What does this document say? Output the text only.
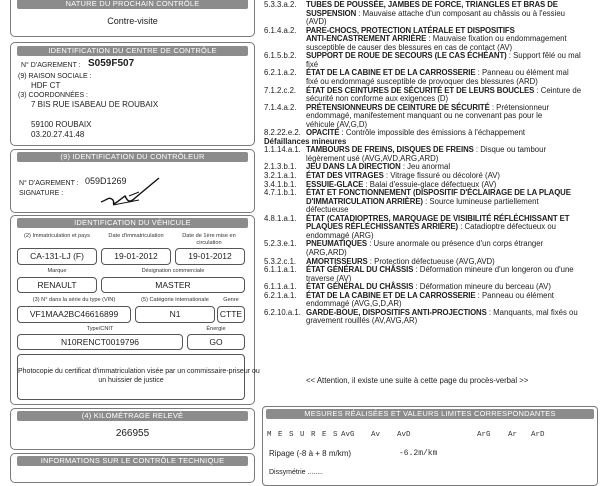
NATURE DU PROCHAIN CONTRÔLE
Contre-visite
IDENTIFICATION DU CENTRE DE CONTRÔLE
N° D'AGREMENT : S059F507
(9) RAISON SOCIALE :
HDF CT
(3) COORDONNÉES :
7 BIS RUE ISABEAU DE ROUBAIX
59100 ROUBAIX
03.20.27.41.48
(9) IDENTIFICATION DU CONTRÔLEUR
N° D'AGREMENT : 059D1269
SIGNATURE :
IDENTIFICATION DU VÉHICULE
(2) Immatriculation et pays	Date d'immatriculation	Date de 1ère mise en circulation
CA-131-LJ (F)	19-01-2012	19-01-2012
Marque	Désignation commerciale
RENAULT	MASTER
(3) N° dans la série du type (VIN)	(5) Catégorie internationale	Genre
VF1MAA2BC46616899	N1	CTTE
Type/CNIT	Énergie
N10RENCT0019796	GO
Photocopie du certificat d'immatriculation visée par un commissaire-priseur ou
un huissier de justice
(4) KILOMÉTRAGE RELEVÉ
266955
INFORMATIONS SUR LE CONTRÔLE TECHNIQUE DÉFAVORABLE
5.3.3.a.2. TUBES DE POUSSÉE, JAMBES DE FORCE, TRIANGLES ET BRAS DE
SUSPENSION : Mauvaise attache d'un composant au châssis ou à l'essieu
(AVD)
6.1.4.a.2. PARE-CHOCS, PROTECTION LATÉRALE ET DISPOSITIFS
ANTI-ENCASTREMENT ARRIÈRE : Mauvaise fixation ou endommagement
susceptible de causer des blessures en cas de contact (AV)
6.1.5.b.2. SUPPORT DE ROUE DE SECOURS (LE CAS ÉCHÉANT) : Support fêlé ou mal
fixé
6.2.1.a.2. ÉTAT DE LA CABINE ET DE LA CARROSSERIE : Panneau ou élément mal
fixé ou endommagé susceptible de provoquer des blessures (ARD)
7.1.2.c.2. ÉTAT DES CEINTURES DE SÉCURITÉ ET DE LEURS BOUCLES : Ceinture de
sécurité non conforme aux exigences (D)
7.1.4.a.2. PRÉTENSIONNEURS DE CEINTURE DE SÉCURITÉ : Prétensionneur
endommagé, manifestement manquant ou ne convenant pas pour le
véhicule (AV,G,D)
8.2.22.e.2. OPACITÉ : Contrôle impossible des émissions à l'échappement
Défaillances mineures
1.1.14.a.1. TAMBOURS DE FREINS, DISQUES DE FREINS : Disque ou tambour
légèrement usé (AVG,AVD,ARG,ARD)
2.1.3.b.1. JEU DANS LA DIRECTION : Jeu anormal
3.2.1.a.1. ÉTAT DES VITRAGES : Vitrage fissuré ou décoloré (AV)
3.4.1.b.1. ESSUIE-GLACE : Balai d'essuie-glace défectueux (AV)
4.7.1.b.1. ÉTAT ET FONCTIONNEMENT (DISPOSITIF D'ÉCLAIRAGE DE LA PLAQUE
D'IMMATRICULATION ARRIÈRE) : Source lumineuse partiellement
défectueuse
4.8.1.a.1. ÉTAT (CATADIOPTRES, MARQUAGE DE VISIBILITÉ RÉFLÉCHISSANT ET
PLAQUES RÉFLÉCHISSANTES ARRIÈRE) : Catadioptre défectueux ou
endommagé (ARG)
5.2.3.e.1. PNEUMATIQUES : Usure anormale ou présence d'un corps étranger
(ARG,ARD)
5.3.2.c.1. AMORTISSEURS : Protection défectueuse (AVG,AVD)
6.1.1.a.1. ÉTAT GÉNÉRAL DU CHÂSSIS : Déformation mineure d'un longeron ou d'une
traverse (AV)
6.1.1.a.1. ÉTAT GÉNÉRAL DU CHÂSSIS : Déformation mineure du berceau (AV)
6.2.1.a.1. ÉTAT DE LA CABINE ET DE LA CARROSSERIE : Panneau ou élément
endommagé (AVG,G,D,AR)
6.2.10.a.1. GARDE-BOUE, DISPOSITIFS ANTI-PROJECTIONS : Manquants, mal fixés ou
gravement rouillés (AV,AVG,AR)
<< Attention, il existe une suite à cette page du procès-verbal >>
MESURES RÉALISÉES ET VALEURS LIMITES CORRESPONDANTES
M E S U R E S AvG Av AvD	ArG Ar ArD
Ripage (-8 à + 8 m/km)	-6.2m/km
Dissymétrie ........
